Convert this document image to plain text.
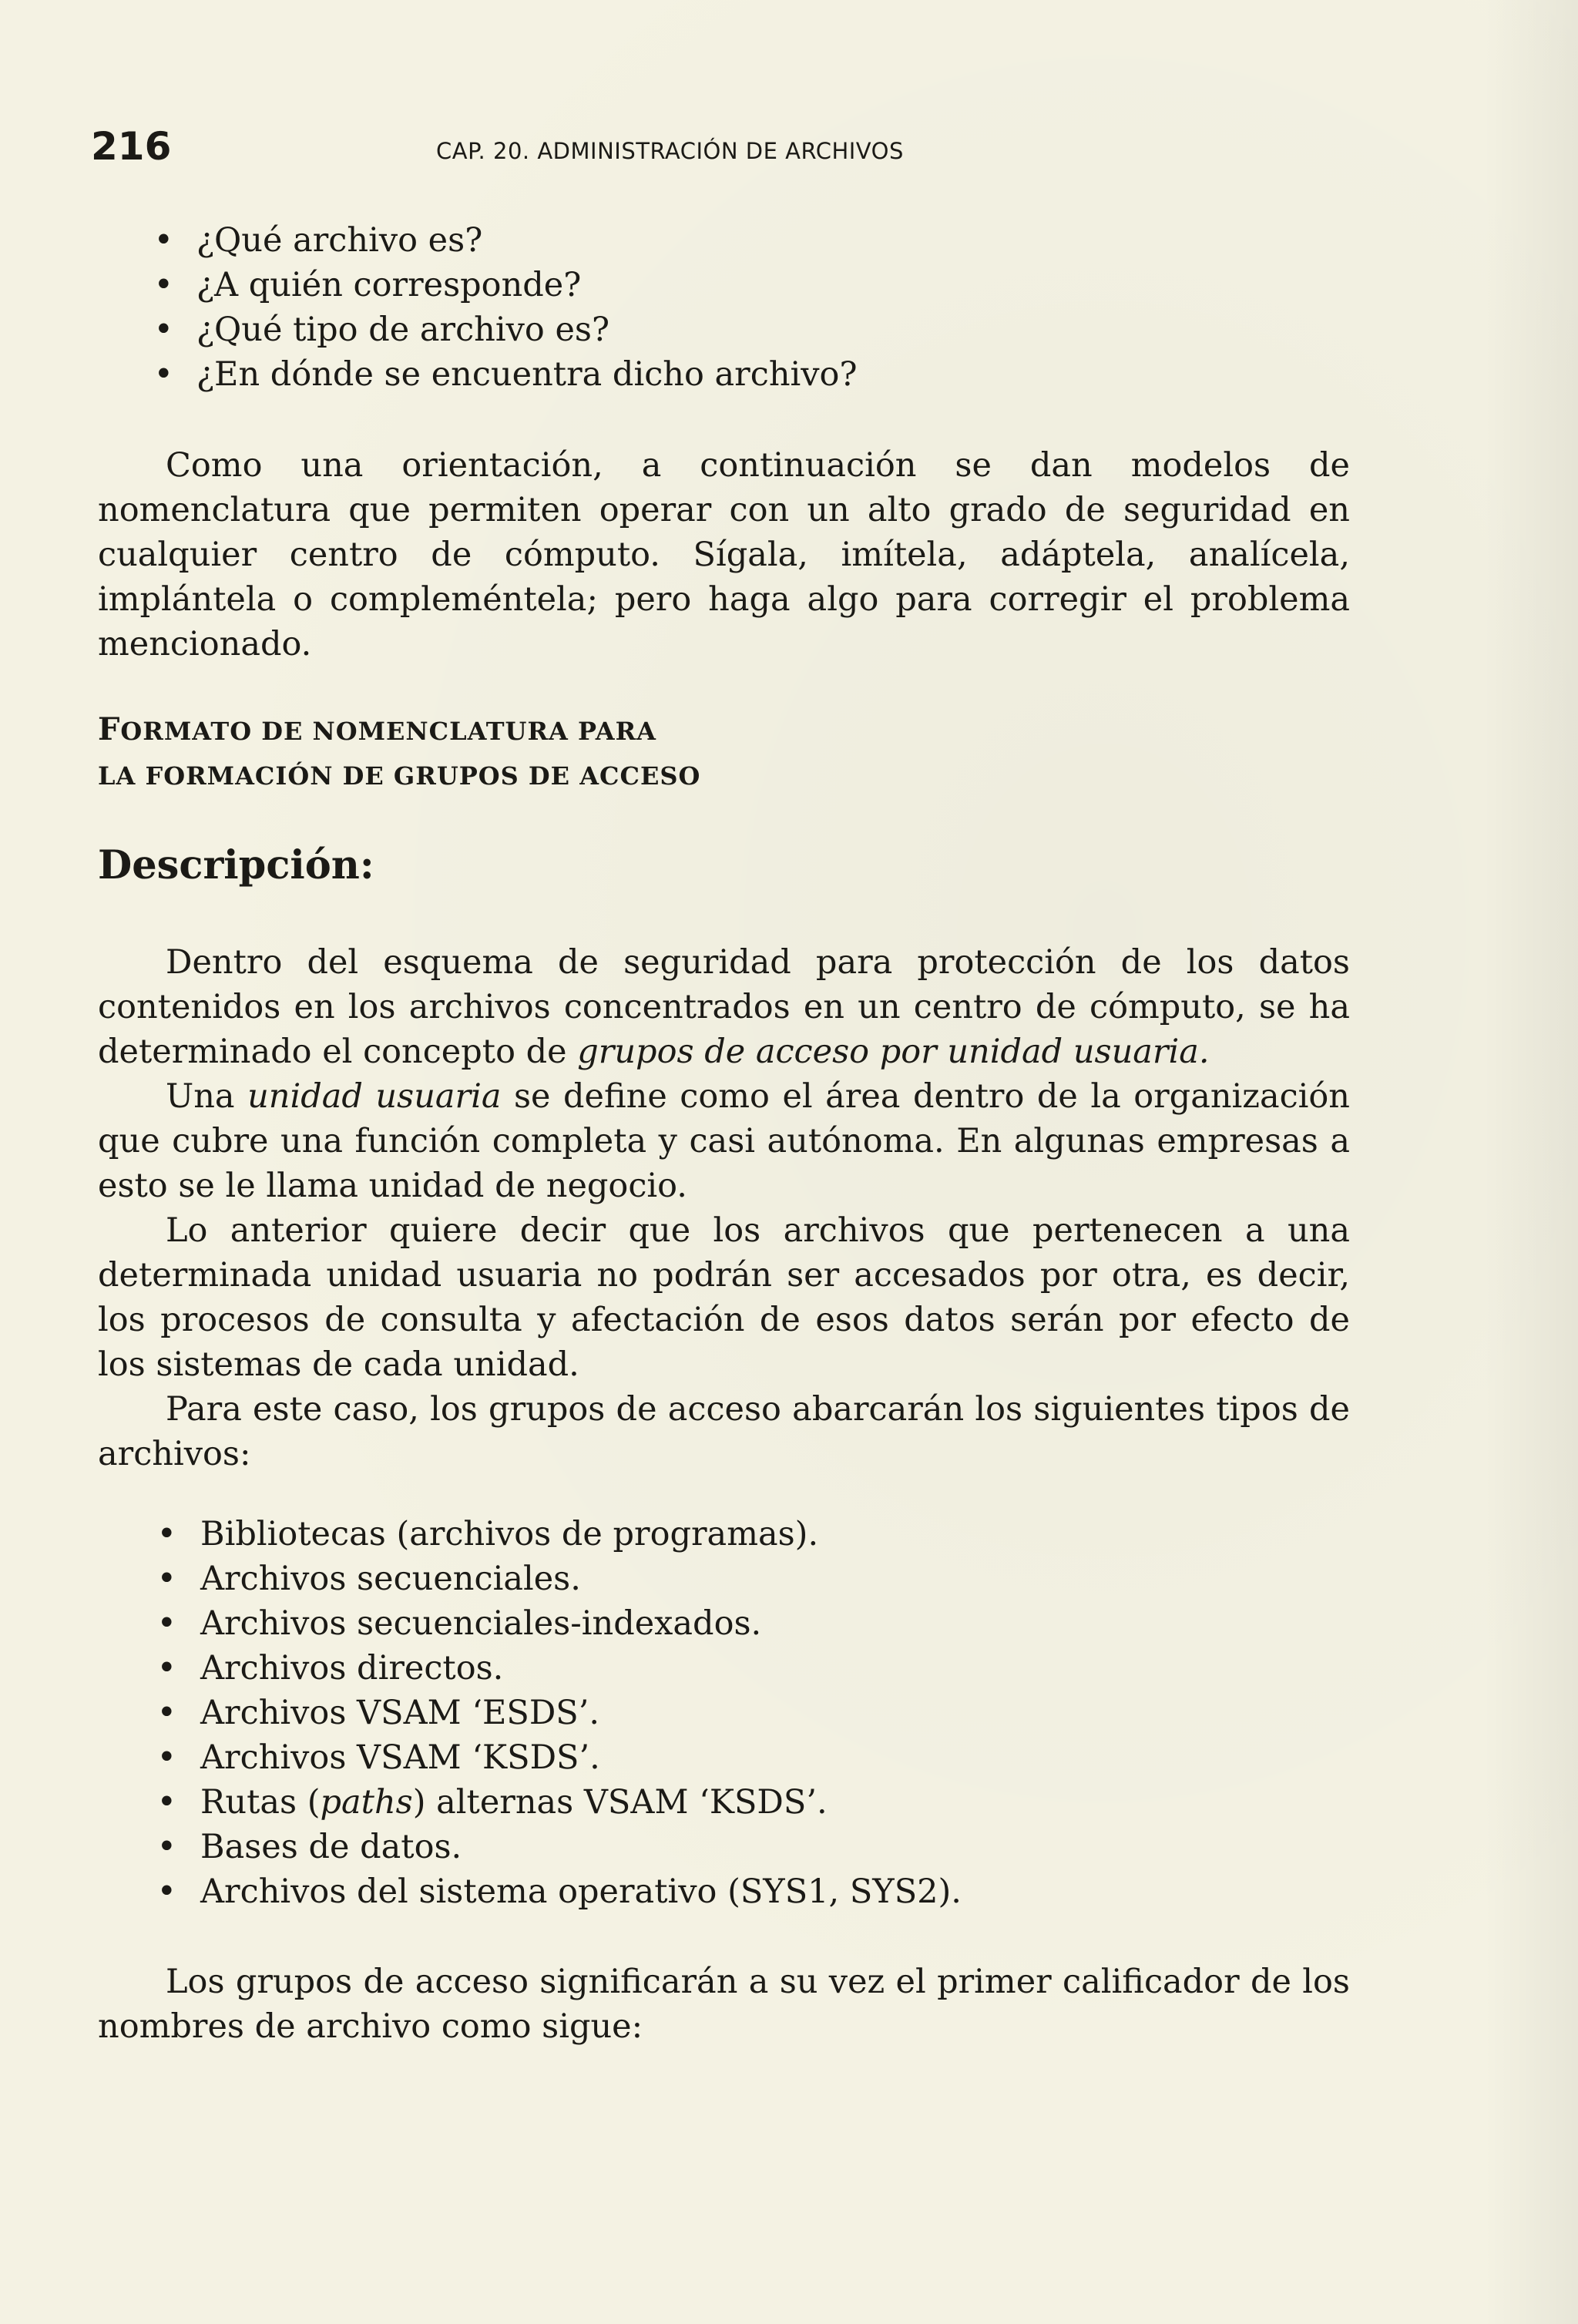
216	CAP. 20. ADMINISTRACIÓN DE ARCHIVOS
• ¿Qué archivo es?
• ¿A quién corresponde?
• ¿Qué tipo de archivo es?
• ¿En dónde se encuentra dicho archivo?

Como una orientación, a continuación se dan modelos de nomenclatura que permiten operar con un alto grado de seguridad en cualquier centro de cómputo. Sígala, imítela, adáptela, analícela, implántela o compleméntela; pero haga algo para corregir el problema mencionado.

FORMATO DE NOMENCLATURA PARA
LA FORMACIÓN DE GRUPOS DE ACCESO
Descripción:

Dentro del esquema de seguridad para protección de los datos contenidos en los archivos concentrados en un centro de cómputo, se ha determinado el concepto de grupos de acceso por unidad usuaria.

Una unidad usuaria se define como el área dentro de la organización que cubre una función completa y casi autónoma. En algunas empresas a esto se le llama unidad de negocio.

Lo anterior quiere decir que los archivos que pertenecen a una determinada unidad usuaria no podrán ser accesados por otra, es decir, los procesos de consulta y afectación de esos datos serán por efecto de los sistemas de cada unidad.

Para este caso, los grupos de acceso abarcarán los siguientes tipos de archivos:

• Bibliotecas (archivos de programas).
• Archivos secuenciales.
• Archivos secuenciales-indexados.
• Archivos directos.
• Archivos VSAM ‘ESDS’.
• Archivos VSAM ‘KSDS’.
• Rutas (paths) alternas VSAM ‘KSDS’.
• Bases de datos.
• Archivos del sistema operativo (SYS1, SYS2).

Los grupos de acceso significarán a su vez el primer calificador de los nombres de archivo como sigue:
